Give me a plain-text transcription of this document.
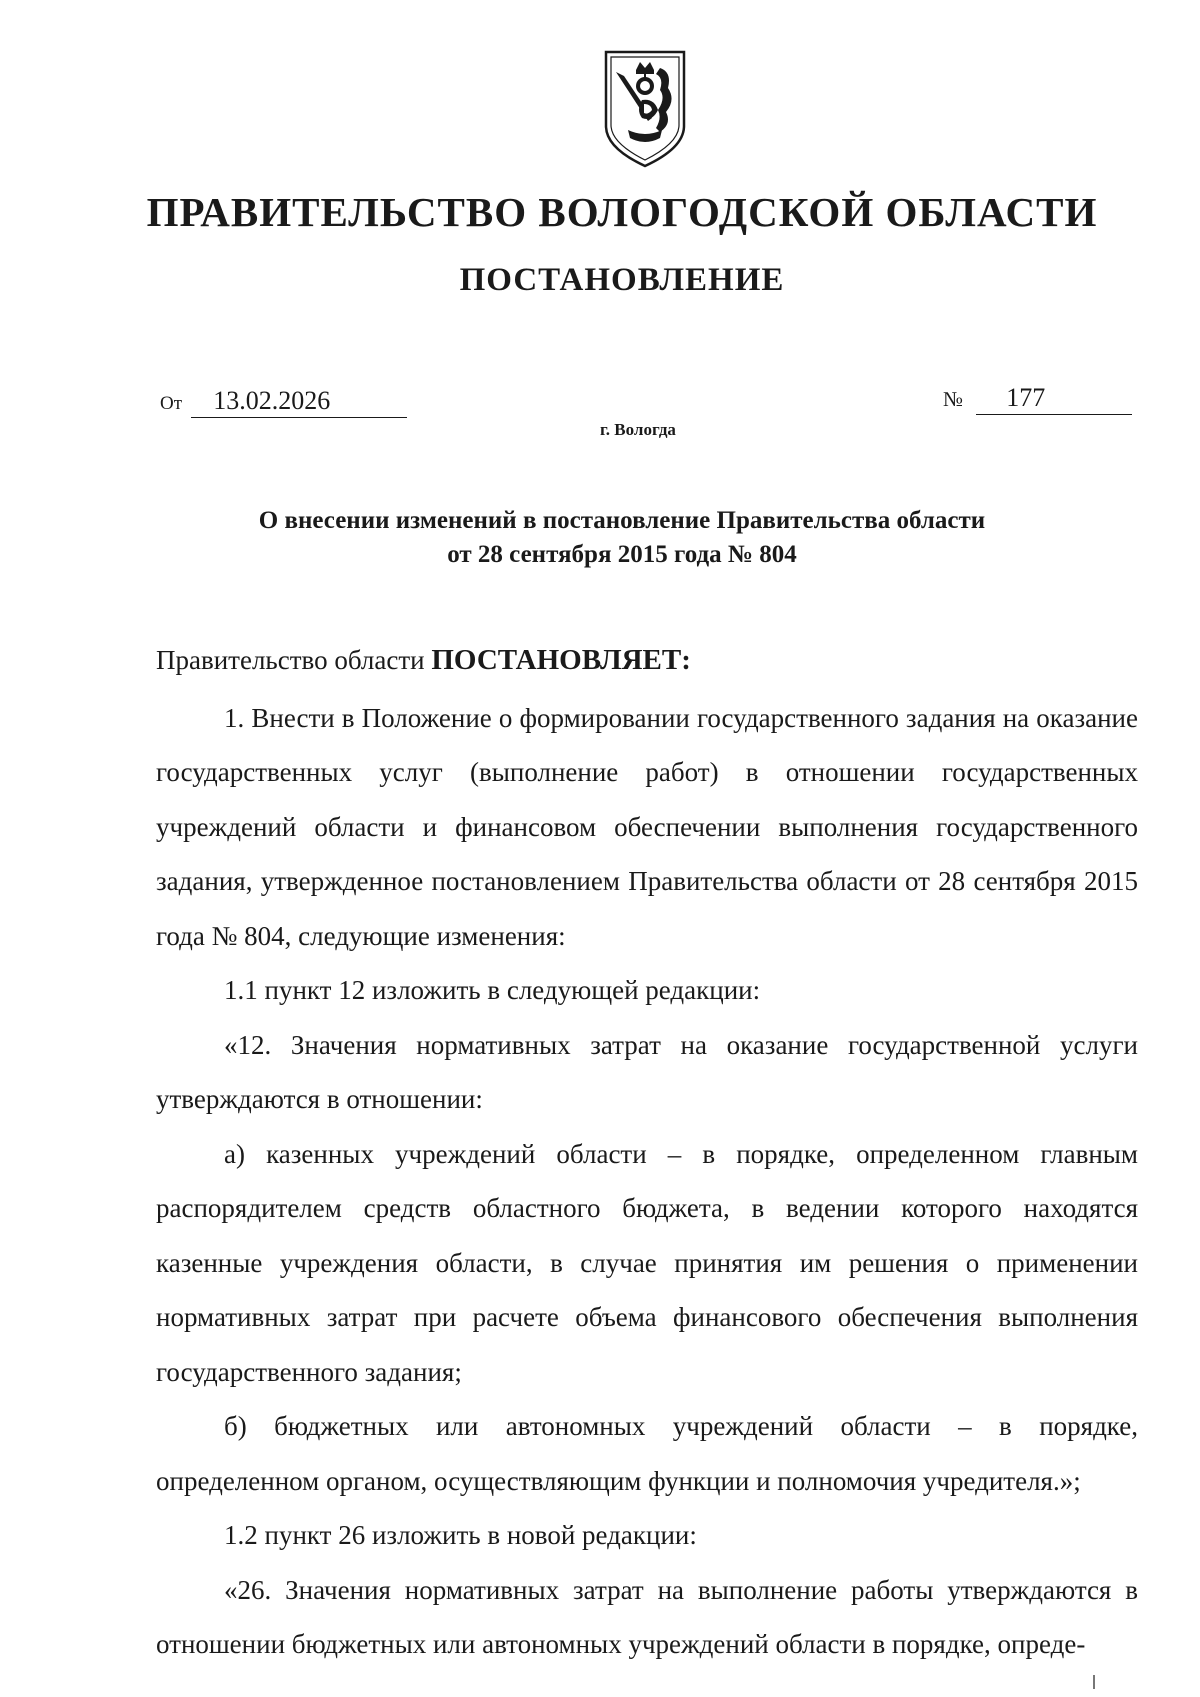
ПРАВИТЕЛЬСТВО ВОЛОГОДСКОЙ ОБЛАСТИ
ПОСТАНОВЛЕНИЕ
От 13.02.2026	№ 177
г. Вологда
О внесении изменений в постановление Правительства области
от 28 сентября 2015 года № 804

Правительство области ПОСТАНОВЛЯЕТ:

1. Внести в Положение о формировании государственного задания на оказание государственных услуг (выполнение работ) в отношении государственных учреждений области и финансовом обеспечении выполнения государственного задания, утвержденное постановлением Правительства области от 28 сентября 2015 года № 804, следующие изменения:

1.1 пункт 12 изложить в следующей редакции:

«12. Значения нормативных затрат на оказание государственной услуги утверждаются в отношении:

а) казенных учреждений области – в порядке, определенном главным распорядителем средств областного бюджета, в ведении которого находятся казенные учреждения области, в случае принятия им решения о применении нормативных затрат при расчете объема финансового обеспечения выполнения государственного задания;

б) бюджетных или автономных учреждений области – в порядке, определенном органом, осуществляющим функции и полномочия учредителя.»;

1.2 пункт 26 изложить в новой редакции:

«26. Значения нормативных затрат на выполнение работы утверждаются в отношении бюджетных или автономных учреждений области в порядке, опреде-
